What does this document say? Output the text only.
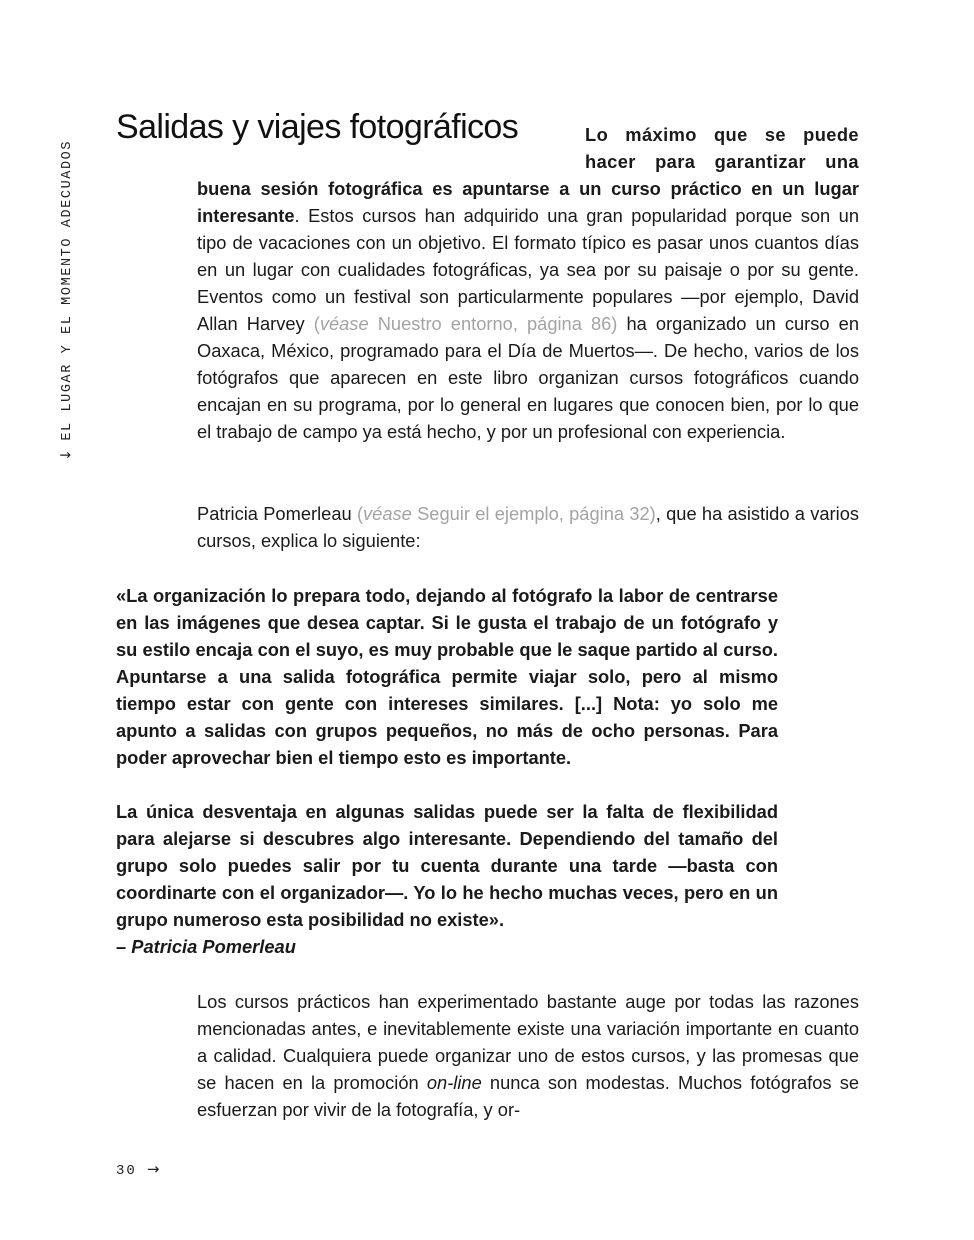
→EL LUGAR Y EL MOMENTO ADECUADOS
Salidas y viajes fotográficos	Lo máximo que se puede hacer para garantizar una

buena sesión fotográfica es apuntarse a un curso práctico en un lugar interesante. Estos cursos han adquirido una gran popularidad porque son un tipo de vacaciones con un objetivo. El formato típico es pasar unos cuantos días en un lugar con cualidades fotográficas, ya sea por su paisaje o por su gente. Eventos como un festival son particularmente populares —por ejemplo, David Allan Harvey (véase Nuestro entorno, página 86) ha organizado un curso en Oaxaca, México, programado para el Día de Muertos—. De hecho, varios de los fotógrafos que aparecen en este libro organizan cursos fotográficos cuando encajan en su programa, por lo general en lugares que conocen bien, por lo que el trabajo de campo ya está hecho, y por un profesional con experiencia.

Patricia Pomerleau (véase Seguir el ejemplo, página 32), que ha asistido a varios cursos, explica lo siguiente:

«La organización lo prepara todo, dejando al fotógrafo la labor de centrarse en las imágenes que desea captar. Si le gusta el trabajo de un fotógrafo y su estilo encaja con el suyo, es muy probable que le saque partido al curso. Apuntarse a una salida fotográfica permite viajar solo, pero al mismo tiempo estar con gente con intereses similares. [...] Nota: yo solo me apunto a salidas con grupos pequeños, no más de ocho personas. Para poder aprovechar bien el tiempo esto es importante.

La única desventaja en algunas salidas puede ser la falta de flexibilidad para alejarse si descubres algo interesante. Dependiendo del tamaño del grupo solo puedes salir por tu cuenta durante una tarde —basta con coordinarte con el organizador—. Yo lo he hecho muchas veces, pero en un grupo numeroso esta posibilidad no existe».

– Patricia Pomerleau

Los cursos prácticos han experimentado bastante auge por todas las razones mencionadas antes, e inevitablemente existe una variación importante en cuanto a calidad. Cualquiera puede organizar uno de estos cursos, y las promesas que se hacen en la promoción on-line nunca son modestas. Muchos fotógrafos se esfuerzan por vivir de la fotografía, y or-

30 →
